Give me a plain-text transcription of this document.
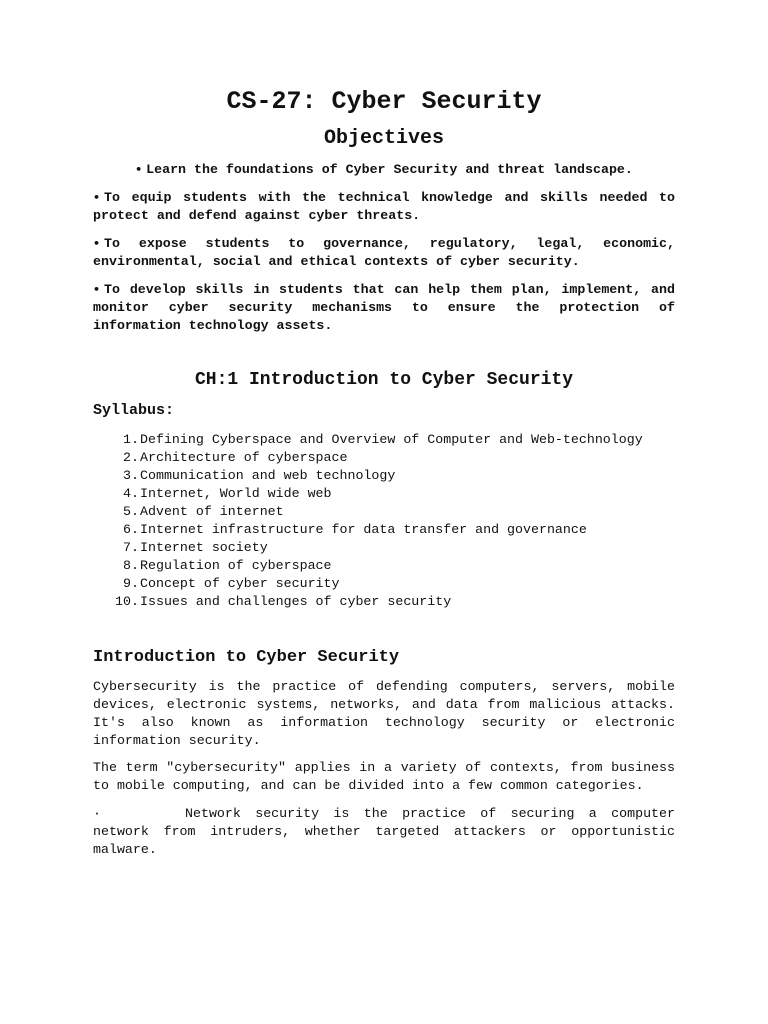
CS-27: Cyber Security
Objectives
• Learn the foundations of Cyber Security and threat landscape.
• To equip students with the technical knowledge and skills needed to protect and defend against cyber threats.
• To expose students to governance, regulatory, legal, economic, environmental, social and ethical contexts of cyber security.
• To develop skills in students that can help them plan, implement, and monitor cyber security mechanisms to ensure the protection of information technology assets.
CH:1 Introduction to Cyber Security

Syllabus:

1. Defining Cyberspace and Overview of Computer and Web-technology
2. Architecture of cyberspace
3. Communication and web technology
4. Internet, World wide web
5. Advent of internet
6. Internet infrastructure for data transfer and governance
7. Internet society
8. Regulation of cyberspace
9. Concept of cyber security
10. Issues and challenges of cyber security
Introduction to Cyber Security

Cybersecurity is the practice of defending computers, servers, mobile devices, electronic systems, networks, and data from malicious attacks. It's also known as information technology security or electronic information security.

The term "cybersecurity" applies in a variety of contexts, from business to mobile computing, and can be divided into a few common categories.

·	Network security is the practice of securing a computer network from intruders, whether targeted attackers or opportunistic malware.
